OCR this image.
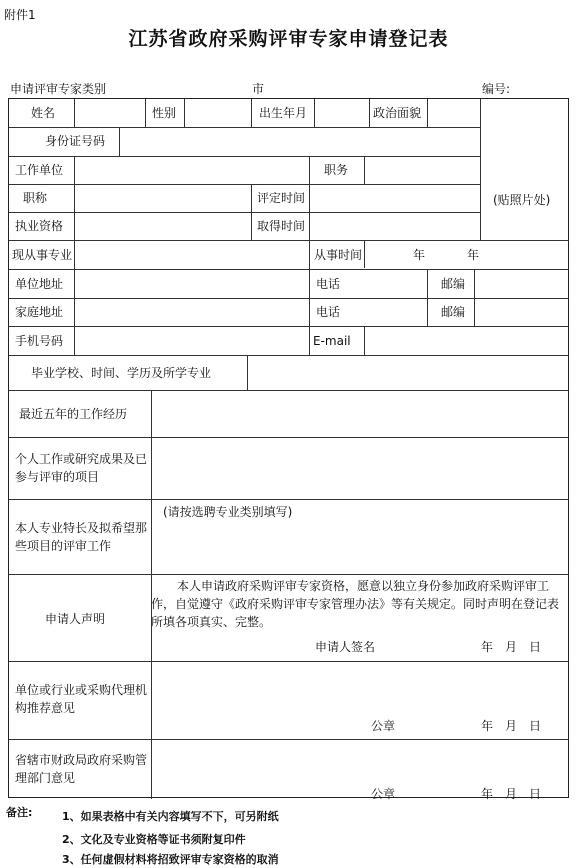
附件1
江苏省政府采购评审专家申请登记表
申请评审专家类别	市	编号:
姓名	性别	出生年月	政治面貌
(贴照片处)
身份证号码
工作单位	职务
职称	评定时间
执业资格	取得时间
现从事专业	从事时间	年	年
单位地址	电话	邮编
家庭地址	电话	邮编
手机号码	E-mail
毕业学校、时间、学历及所学专业
最近五年的工作经历
个人工作或研究成果及已参与评审的项目
本人专业特长及拟希望那些项目的评审工作
(请按选聘专业类别填写)
申请人声明
本人申请政府采购评审专家资格，愿意以独立身份参加政府采购评审工作，自觉遵守《政府采购评审专家管理办法》等有关规定。同时声明在登记表所填各项真实、完整。
申请人签名	年　月　日
单位或行业或采购代理机构推荐意见
公章	年　月　日
省辖市财政局政府采购管理部门意见
公章	年　月　日
备注:	1、如果表格中有关内容填写不下，可另附纸
2、文化及专业资格等证书须附复印件
3、任何虚假材料将招致评审专家资格的取消
